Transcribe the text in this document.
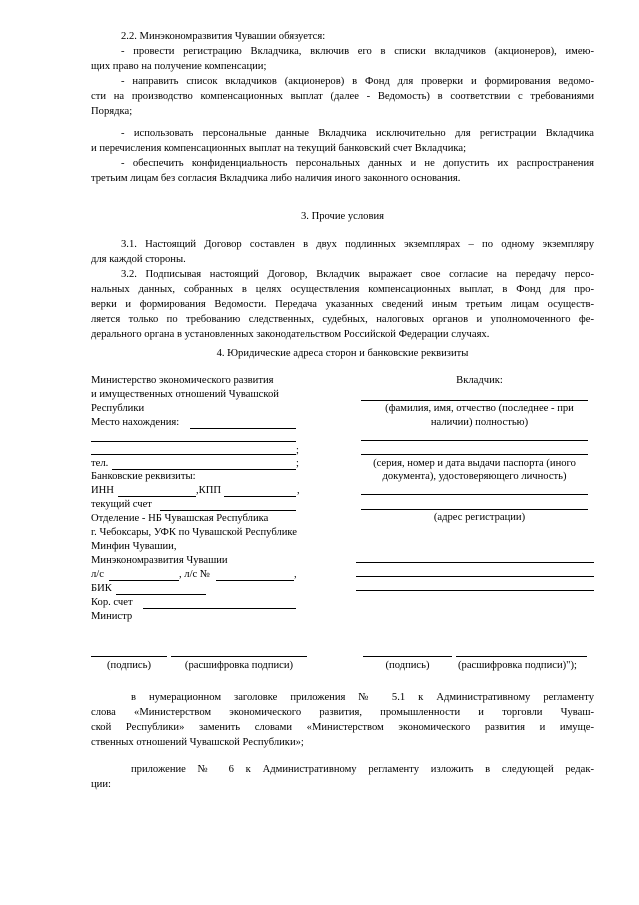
2.2. Минэкономразвития Чувашии обязуется:
- провести регистрацию Вкладчика, включив его в списки вкладчиков (акционеров), имею-
щих право на получение компенсации;
- направить список вкладчиков (акционеров) в Фонд для проверки и формирования ведомо-
сти на производство компенсационных выплат (далее - Ведомость) в соответствии с требованиями
Порядка;
- использовать персональные данные Вкладчика исключительно для регистрации Вкладчика
и перечисления компенсационных выплат на текущий банковский счет Вкладчика;
- обеспечить конфиденциальность персональных данных и не допустить их распространения
третьим лицам без согласия Вкладчика либо наличия иного законного основания.
3. Прочие условия
3.1. Настоящий Договор составлен в двух подлинных экземплярах – по одному экземпляру
для каждой стороны.
3.2. Подписывая настоящий Договор, Вкладчик выражает свое согласие на передачу персо-
нальных данных, собранных в целях осуществления компенсационных выплат, в Фонд для про-
верки и формирования Ведомости. Передача указанных сведений иным третьим лицам осуществ-
ляется только по требованию следственных, судебных, налоговых органов и уполномоченного фе-
дерального органа в установленных законодательством Российской Федерации случаях.
4. Юридические адреса сторон и банковские реквизиты
Министерство экономического развития
и имущественных отношений Чувашской
Республики
Место нахождения:
;
тел.	;
Банковские реквизиты:
ИНН	,КПП	,
текущий счет
Отделение - НБ Чувашская Республика
г. Чебоксары, УФК по Чувашской Республике
Минфин Чувашии,
Минэкономразвития Чувашии
л/с	, л/с №	,
БИК
Кор. счет
Министр
Вкладчик:
(фамилия, имя, отчество (последнее - при
наличии) полностью)
(серия, номер и дата выдачи паспорта (иного
документа), удостоверяющего личность)
(адрес регистрации)
(подпись)	(расшифровка подписи)	(подпись)	(расшифровка подписи)");
в нумерационном заголовке приложения № 5.1 к Административному регламенту
слова «Министерством экономического развития, промышленности и торговли Чуваш-
ской Республики» заменить словами «Министерством экономического развития и имуще-
ственных отношений Чувашской Республики»;
приложение № 6 к Административному регламенту изложить в следующей редак-
ции:
